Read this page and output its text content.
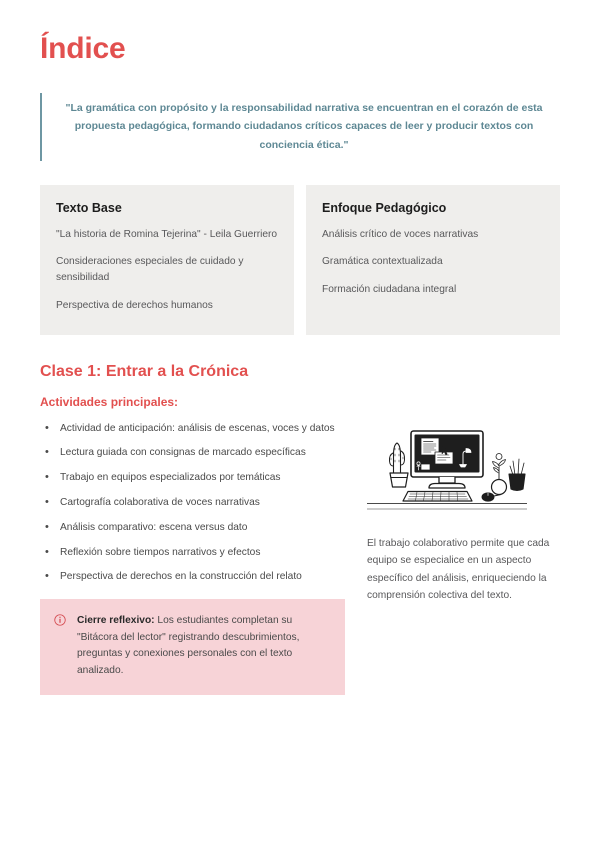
Índice

"La gramática con propósito y la responsabilidad narrativa se encuentran en el corazón de esta propuesta pedagógica, formando ciudadanos críticos capaces de leer y producir textos con conciencia ética."

Texto Base

"La historia de Romina Tejerina" - Leila Guerriero

Consideraciones especiales de cuidado y sensibilidad

Perspectiva de derechos humanos

Enfoque Pedagógico

Análisis crítico de voces narrativas

Gramática contextualizada

Formación ciudadana integral

Clase 1: Entrar a la Crónica
Actividades principales:
• Actividad de anticipación: análisis de escenas, voces y datos
• Lectura guiada con consignas de marcado específicas
• Trabajo en equipos especializados por temáticas
• Cartografía colaborativa de voces narrativas
• Análisis comparativo: escena versus dato
• Reflexión sobre tiempos narrativos y efectos
• Perspectiva de derechos en la construcción del relato

Cierre reflexivo: Los estudiantes completan su "Bitácora del lector" registrando descubrimientos, preguntas y conexiones personales con el texto analizado.

El trabajo colaborativo permite que cada equipo se especialice en un aspecto específico del análisis, enriqueciendo la comprensión colectiva del texto.
